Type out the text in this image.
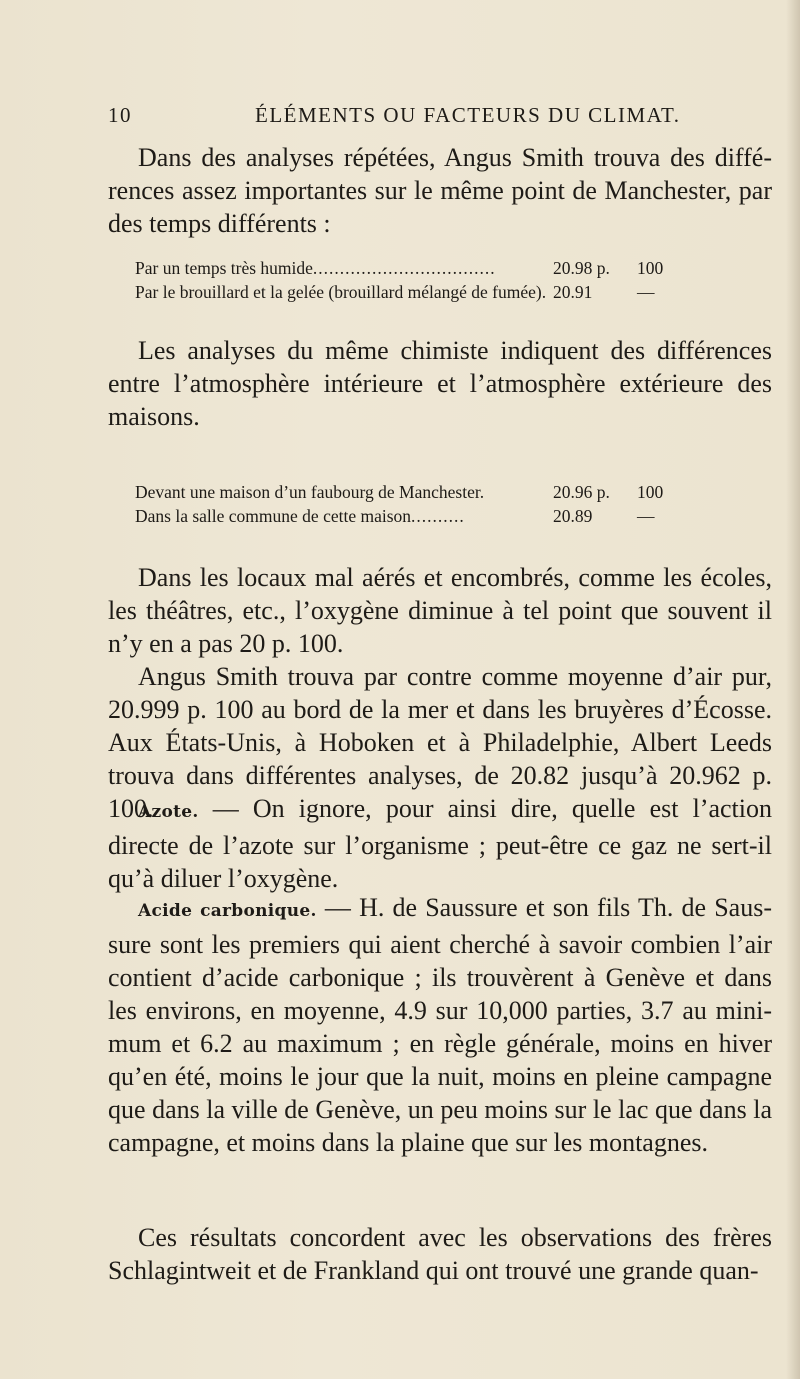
10	ÉLÉMENTS OU FACTEURS DU CLIMAT.

Dans des analyses répétées, Angus Smith trouva des différences assez importantes sur le même point de Manchester, par des temps différents :

Par un temps très humide..................................	20.98 p. 100
Par le brouillard et la gelée (brouillard mélangé de fumée). 20.91	—

Les analyses du même chimiste indiquent des différences entre l’atmosphère intérieure et l’atmosphère extérieure des maisons.

Devant une maison d’un faubourg de Manchester.	20.96 p. 100
Dans la salle commune de cette maison..........	20.89	—

Dans les locaux mal aérés et encombrés, comme les écoles, les théâtres, etc., l’oxygène diminue à tel point que souvent il n’y en a pas 20 p. 100.

Angus Smith trouva par contre comme moyenne d’air pur, 20.999 p. 100 au bord de la mer et dans les bruyères d’Écosse. Aux États-Unis, à Hoboken et à Philadelphie, Albert Leeds trouva dans différentes analyses, de 20.82 jusqu’à 20.962 p. 100.

Azote. — On ignore, pour ainsi dire, quelle est l’action directe de l’azote sur l’organisme ; peut-être ce gaz ne sert-il qu’à diluer l’oxygène.

Acide carbonique. — H. de Saussure et son fils Th. de Saussure sont les premiers qui aient cherché à savoir combien l’air contient d’acide carbonique ; ils trouvèrent à Genève et dans les environs, en moyenne, 4.9 sur 10,000 parties, 3.7 au minimum et 6.2 au maximum ; en règle générale, moins en hiver qu’en été, moins le jour que la nuit, moins en pleine campagne que dans la ville de Genève, un peu moins sur le lac que dans la campagne, et moins dans la plaine que sur les montagnes.

Ces résultats concordent avec les observations des frères Schlagintweit et de Frankland qui ont trouvé une grande quan-
